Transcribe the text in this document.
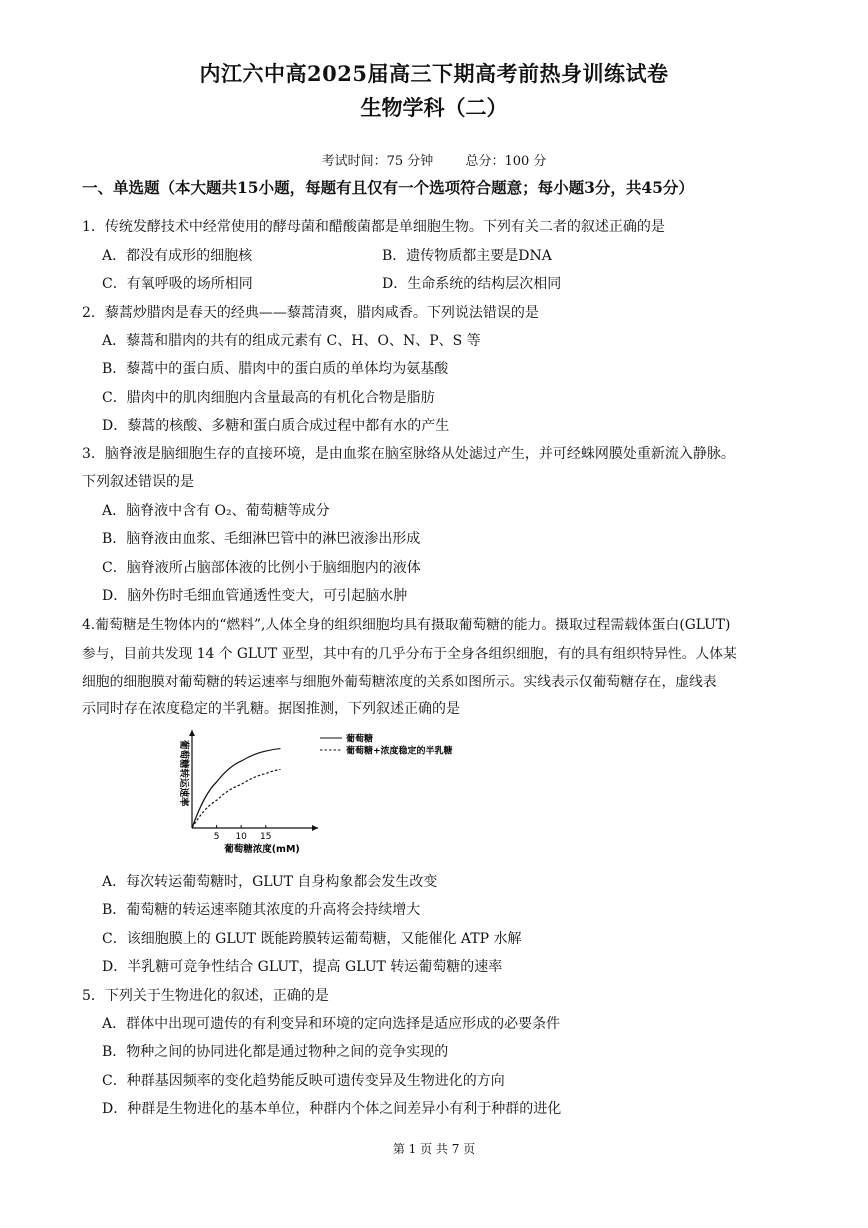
内江六中高2025届高三下期高考前热身训练试卷
生物学科（二）
考试时间：75 分钟 总分：100 分
一、单选题（本大题共15小题，每题有且仅有一个选项符合题意；每小题3分，共45分）
1．传统发酵技术中经常使用的酵母菌和醋酸菌都是单细胞生物。下列有关二者的叙述正确的是
A．都没有成形的细胞核	B．遗传物质都主要是DNA
C．有氧呼吸的场所相同	D．生命系统的结构层次相同
2．藜蒿炒腊肉是春天的经典——藜蒿清爽，腊肉咸香。下列说法错误的是
A．藜蒿和腊肉的共有的组成元素有 C、H、O、N、P、S 等
B．藜蒿中的蛋白质、腊肉中的蛋白质的单体均为氨基酸
C．腊肉中的肌肉细胞内含量最高的有机化合物是脂肪
D．藜蒿的核酸、多糖和蛋白质合成过程中都有水的产生
3．脑脊液是脑细胞生存的直接环境，是由血浆在脑室脉络从处滤过产生，并可经蛛网膜处重新流入静脉。
下列叙述错误的是
A．脑脊液中含有 O₂、葡萄糖等成分
B．脑脊液由血浆、毛细淋巴管中的淋巴液渗出形成
C．脑脊液所占脑部体液的比例小于脑细胞内的液体
D．脑外伤时毛细血管通透性变大，可引起脑水肿
4.葡萄糖是生物体内的“燃料”,人体全身的组织细胞均具有摄取葡萄糖的能力。摄取过程需载体蛋白(GLUT)
参与，目前共发现 14 个 GLUT 亚型，其中有的几乎分布于全身各组织细胞，有的具有组织特异性。人体某
细胞的细胞膜对葡萄糖的转运速率与细胞外葡萄糖浓度的关系如图所示。实线表示仅葡萄糖存在，虚线表
示同时存在浓度稳定的半乳糖。据图推测，下列叙述正确的是
5 10 15
葡萄糖浓度(mM)
葡萄糖转运速率
葡萄糖
葡萄糖+浓度稳定的半乳糖
A．每次转运葡萄糖时，GLUT 自身构象都会发生改变
B．葡萄糖的转运速率随其浓度的升高将会持续增大
C．该细胞膜上的 GLUT 既能跨膜转运葡萄糖，又能催化 ATP 水解
D．半乳糖可竞争性结合 GLUT，提高 GLUT 转运葡萄糖的速率
5．下列关于生物进化的叙述，正确的是
A．群体中出现可遗传的有利变异和环境的定向选择是适应形成的必要条件
B．物种之间的协同进化都是通过物种之间的竞争实现的
C．种群基因频率的变化趋势能反映可遗传变异及生物进化的方向
D．种群是生物进化的基本单位，种群内个体之间差异小有利于种群的进化
第 1 页 共 7 页
